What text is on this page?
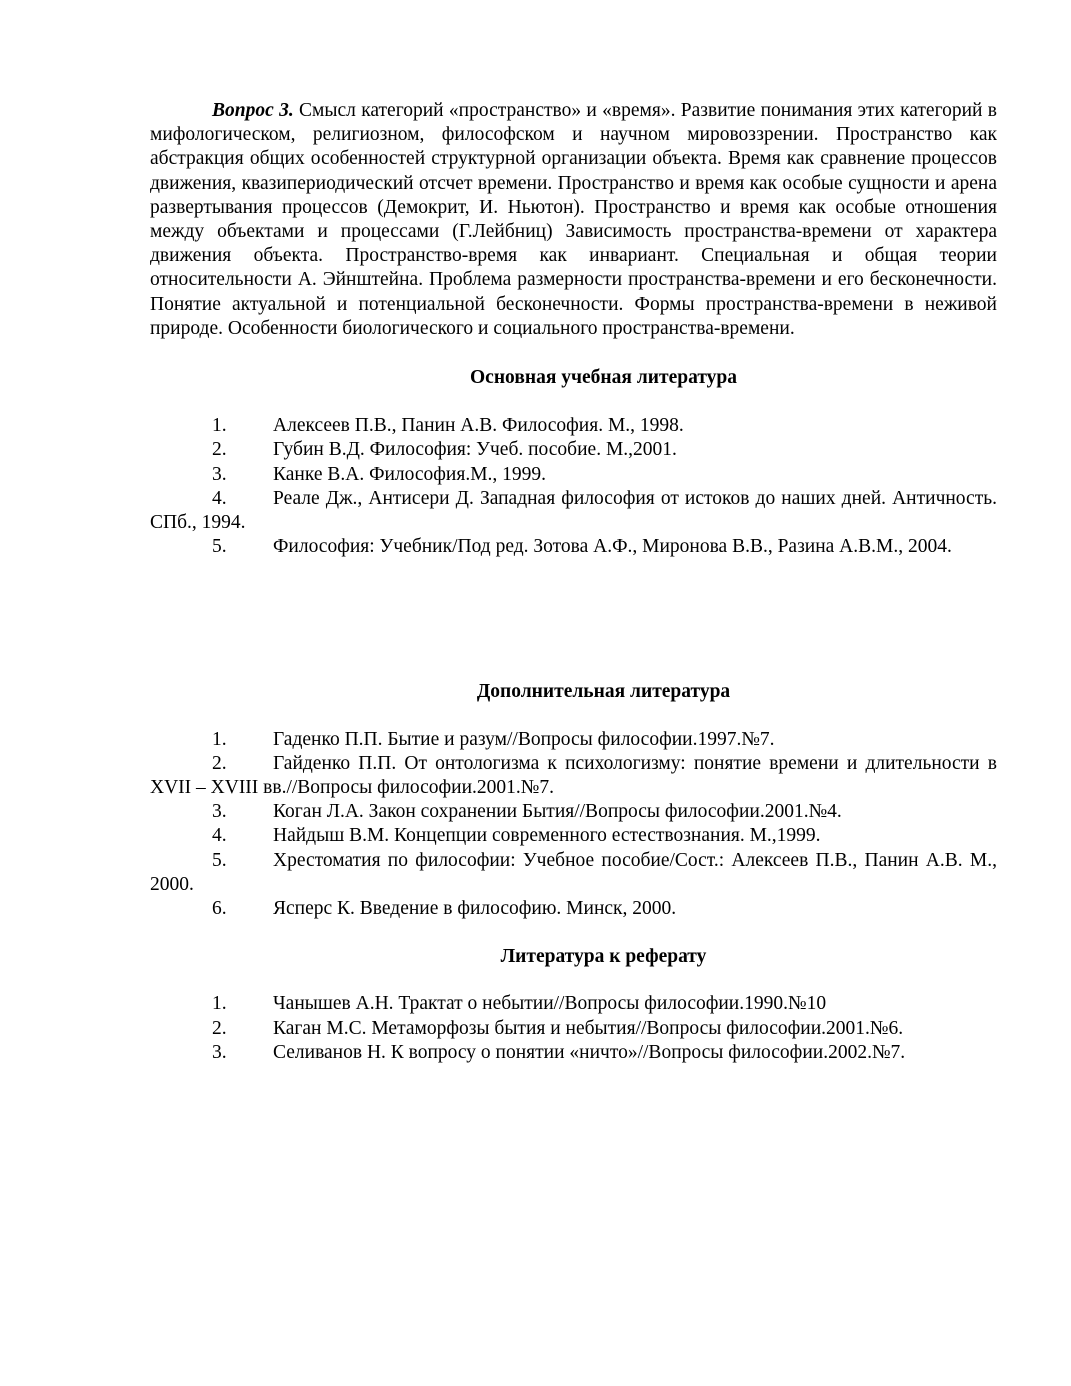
Вопрос 3. Смысл категорий «пространство» и «время». Развитие понимания этих категорий в мифологическом, религиозном, философском и научном мировоззрении. Пространство как абстракция общих особенностей структурной организации объекта. Время как сравнение процессов движения, квазипериодический отсчет времени. Пространство и время как особые сущности и арена развертывания процессов (Демокрит, И. Ньютон). Пространство и время как особые отношения между объектами и процессами (Г.Лейбниц) Зависимость пространства-времени от характера движения объекта. Пространство-время как инвариант. Специальная и общая теории относительности А. Эйнштейна. Проблема размерности пространства-времени и его бесконечности. Понятие актуальной и потенциальной бесконечности. Формы пространства-времени в неживой природе. Особенности биологического и социального пространства-времени.

Основная учебная литература

1. Алексеев П.В., Панин А.В. Философия. М., 1998.

2. Губин В.Д. Философия: Учеб. пособие. М.,2001.

3. Канке В.А. Философия.М., 1999.

4. Реале Дж., Антисери Д. Западная философия от истоков до наших дней. Античность. СПб., 1994.

5. Философия: Учебник/Под ред. Зотова А.Ф., Миронова В.В., Разина А.В.М., 2004.

Дополнительная литература

1. Гаденко П.П. Бытие и разум//Вопросы философии.1997.№7.

2. Гайденко П.П. От онтологизма к психологизму: понятие времени и длительности в XVII – XVIII вв.//Вопросы философии.2001.№7.

3. Коган Л.А. Закон сохранении Бытия//Вопросы философии.2001.№4.

4. Найдыш В.М. Концепции современного естествознания. М.,1999.

5. Хрестоматия по философии: Учебное пособие/Сост.: Алексеев П.В., Панин А.В. М., 2000.

6. Ясперс К. Введение в философию. Минск, 2000.

Литература к реферату

1. Чанышев А.Н. Трактат о небытии//Вопросы философии.1990.№10

2. Каган М.С. Метаморфозы бытия и небытия//Вопросы философии.2001.№6.

3. Селиванов Н. К вопросу о понятии «ничто»//Вопросы философии.2002.№7.
